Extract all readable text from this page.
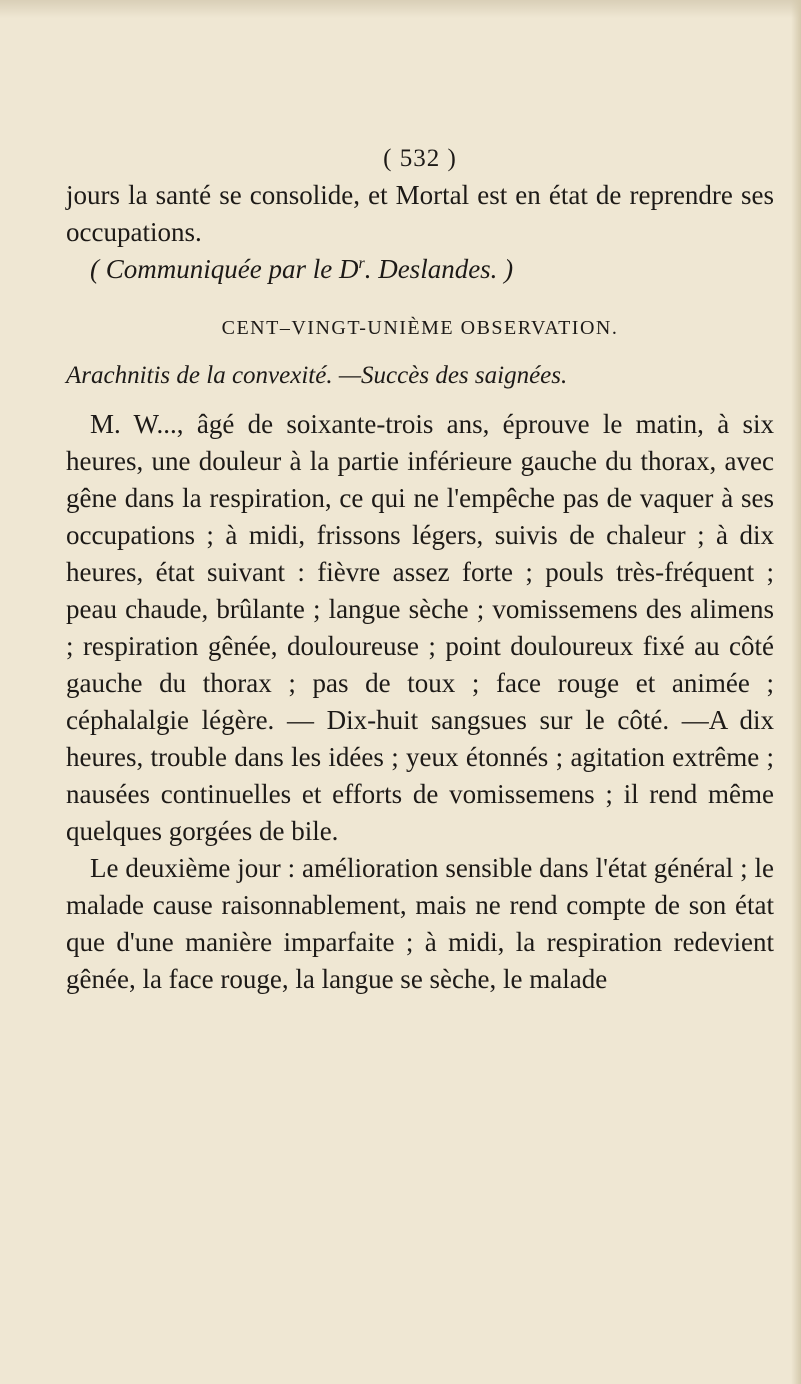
( 532 )

jours la santé se consolide, et Mortal est en état de reprendre ses occupations.

( Communiquée par le $D^r$. Deslandes. )

CENT–VINGT-UNIÈME OBSERVATION.

Arachnitis de la convexité. —Succès des saignées.

M. W..., âgé de soixante-trois ans, éprouve le matin, à six heures, une douleur à la partie inférieure gauche du thorax, avec gêne dans la respiration, ce qui ne l'empêche pas de vaquer à ses occupations ; à midi, frissons légers, suivis de chaleur ; à dix heures, état suivant : fièvre assez forte ; pouls très-fréquent ; peau chaude, brûlante ; langue sèche ; vomissemens des alimens ; respiration gênée, douloureuse ; point douloureux fixé au côté gauche du thorax ; pas de toux ; face rouge et animée ; céphalalgie légère. — Dix-huit sangsues sur le côté. —A dix heures, trouble dans les idées ; yeux étonnés ; agitation extrême ; nausées continuelles et efforts de vomissemens ; il rend même quelques gorgées de bile.

Le deuxième jour : amélioration sensible dans l'état général ; le malade cause raisonnablement, mais ne rend compte de son état que d'une manière imparfaite ; à midi, la respiration redevient gênée, la face rouge, la langue se sèche, le malade
